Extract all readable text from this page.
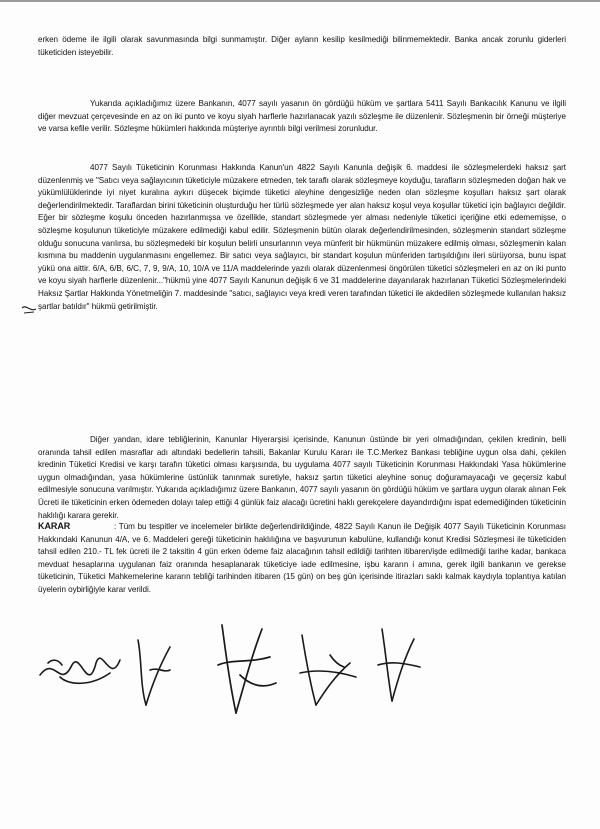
erken ödeme ile ilgili olarak savunmasında bilgi sunmamıştır. Diğer ayların kesilip kesilmediği bilinmemektedir. Banka ancak zorunlu giderleri tüketiciden isteyebilir.
Yukarıda açıkladığımız üzere Bankanın, 4077 sayılı yasanın ön gördüğü hüküm ve şartlara 5411 Sayılı Bankacılık Kanunu ve ilgili diğer mevzuat çerçevesinde en az on iki punto ve koyu siyah harflerle hazırlanacak yazılı sözleşme ile düzenlenir. Sözleşmenin bir örneği müşteriye ve varsa kefile verilir. Sözleşme hükümleri hakkında müşteriye ayrıntılı bilgi verilmesi zorunludur.
4077 Sayılı Tüketicinin Korunması Hakkında Kanun'un 4822 Sayılı Kanunla değişik 6. maddesi ile sözleşmelerdeki haksız şart düzenlenmiş ve "Satıcı veya sağlayıcının tüketiciyle müzakere etmeden, tek taraflı olarak sözleşmeye koyduğu, tarafların sözleşmeden doğan hak ve yükümlülüklerinde iyi niyet kuralına aykırı düşecek biçimde tüketici aleyhine dengesizliğe neden olan sözleşme koşulları haksız şart olarak değerlendirilmektedir. Taraflardan birini tüketicinin oluşturduğu her türlü sözleşmede yer alan haksız koşul veya koşullar tüketici için bağlayıcı değildir. Eğer bir sözleşme koşulu önceden hazırlanmışsa ve özellikle, standart sözleşmede yer alması nedeniyle tüketici içeriğine etki edememişse, o sözleşme koşulunun tüketiciyle müzakere edilmediği kabul edilir. Sözleşmenin bütün olarak değerlendirilmesinden, sözleşmenin standart sözleşme olduğu sonucuna varılırsa, bu sözleşmedeki bir koşulun belirli unsurlarının veya münferit bir hükmünün müzakere edilmiş olması, sözleşmenin kalan kısmına bu maddenin uygulanmasını engellemez. Bir satıcı veya sağlayıcı, bir standart koşulun münferiden tartışıldığını ileri sürüyorsa, bunu ispat yükü ona aittir. 6/A, 6/B, 6/C, 7, 9, 9/A, 10, 10/A ve 11/A maddelerinde yazılı olarak düzenlenmesi öngörülen tüketici sözleşmeleri en az on iki punto ve koyu siyah harflerle düzenlenir..."hükmü yine 4077 Sayılı Kanunun değişik 6 ve 31 maddelerine dayanılarak hazırlanan Tüketici Sözleşmelerindeki Haksız Şartlar Hakkında Yönetmeliğin 7. maddesinde "satıcı, sağlayıcı veya kredi veren tarafından tüketici ile akdedilen sözleşmede kullanılan haksız şartlar batıldır" hükmü getirilmiştir.
Diğer yandan, idare tebliğlerinin, Kanunlar Hiyerarşisi içerisinde, Kanunun üstünde bir yeri olmadığından, çekilen kredinin, belli oranında tahsil edilen masraflar adı altındaki bedellerin tahsili, Bakanlar Kurulu Kararı ile T.C.Merkez Bankası tebliğine uygun olsa dahi, çekilen kredinin Tüketici Kredisi ve karşı tarafın tüketici olması karşısında, bu uygulama 4077 sayılı Tüketicinin Korunması Hakkındaki Yasa hükümlerine uygun olmadığından, yasa hükümlerine üstünlük tanınmak suretiyle, haksız şartın tüketici aleyhine sonuç doğuramayacağı ve geçersiz kabul edilmesiyle sonucuna varılmıştır. Yukarıda açıkladığımız üzere Bankanın, 4077 sayılı yasanın ön gördüğü hüküm ve şartlara uygun olarak alınan Fek Ücreti ile tüketicinin erken ödemeden dolayı talep ettiği 4 günlük faiz alacağı ücretini haklı gerekçelere dayandırdığını ispat edemediğinden tüketicinin haklılığı karara gerekir.
KARAR	: Tüm bu tespitler ve incelemeler birlikte değerlendirildiğinde, 4822 Sayılı Kanun ile Değişik 4077 Sayılı Tüketicinin Korunması Hakkındaki Kanunun 4/A, ve 6. Maddeleri gereği tüketicinin haklılığına ve başvurunun kabulüne, kullandığı konut Kredisi Sözleşmesi ile tüketiciden tahsil edilen 210.- TL fek ücreti ile 2 taksitin 4 gün erken ödeme faiz alacağının tahsil edildiği tarihten itibaren/işde edilmediği tarihe kadar, bankaca mevduat hesaplarına uygulanan faiz oranında hesaplanarak tüketiciye iade edilmesine, işbu kararın i amına, gerek ilgili bankanın ve gerekse tüketicinin, Tüketici Mahkemelerine kararın tebliği tarihinden itibaren (15 gün) on beş gün içerisinde itirazları saklı kalmak kaydıyla toplantıya katılan üyelerin oybirliğiyle karar verildi.
